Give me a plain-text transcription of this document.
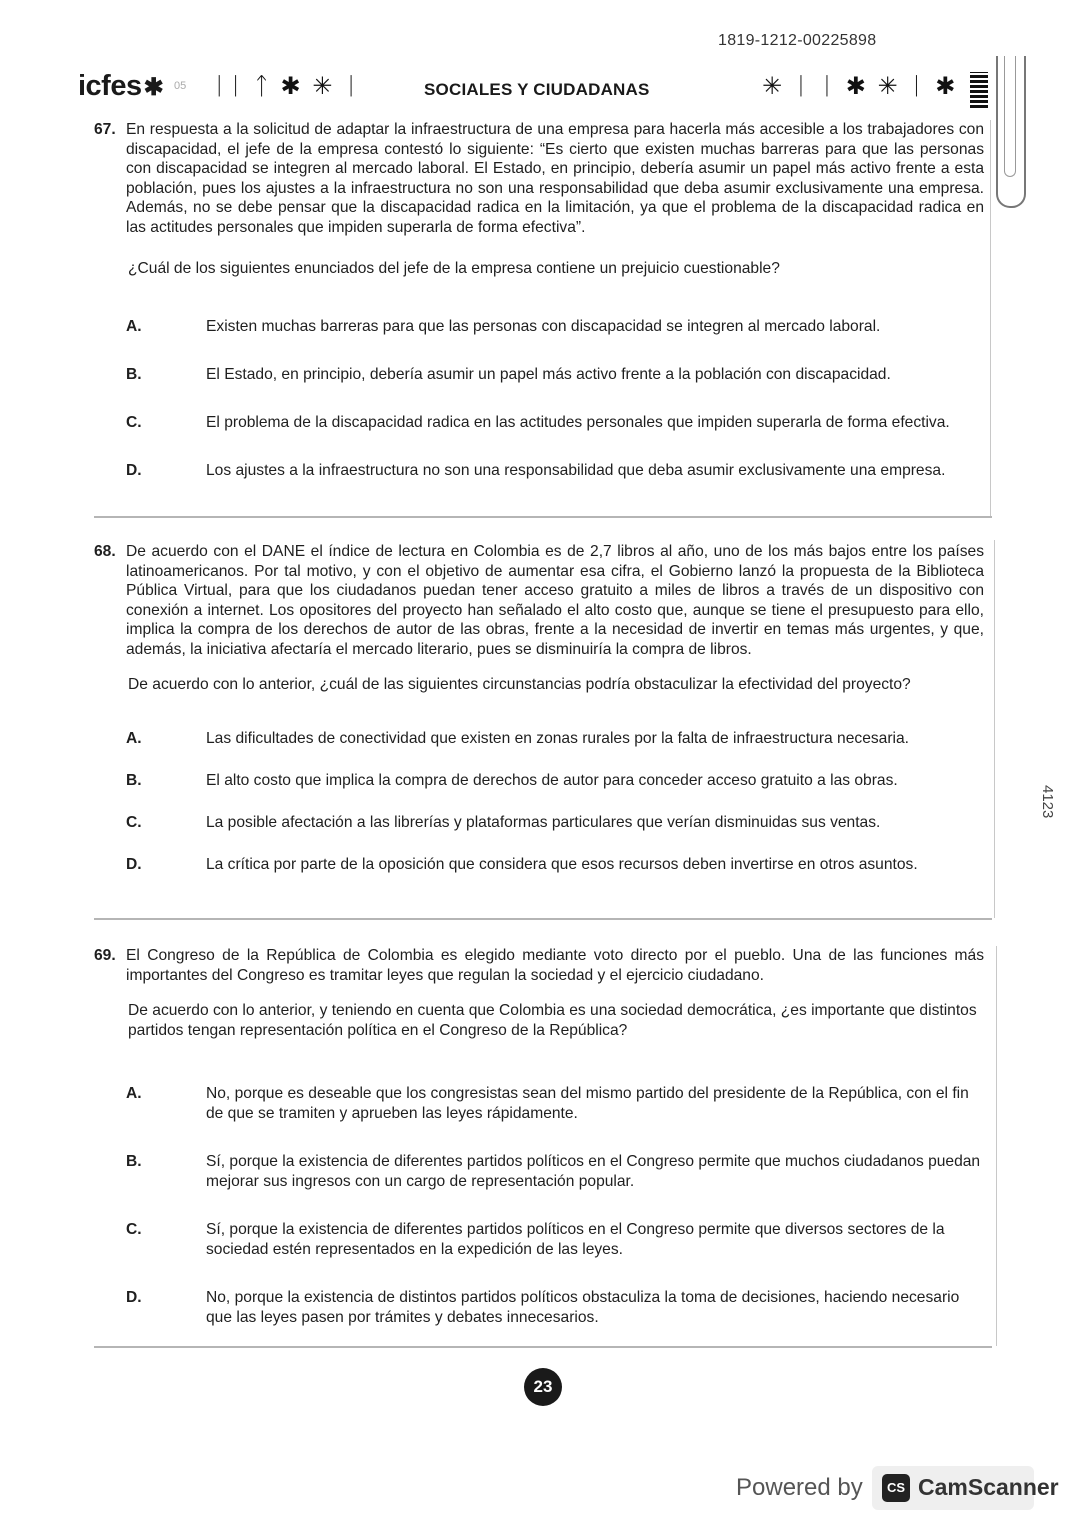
1819-1212-00225898
icfes✱ 05 ᛁᛁ ᛏ ✱ ✳ ᛁ	SOCIALES Y CIUDADANAS	✳ ᛁ ᛁ ✱ ✳ ᛁ ✱
67. En respuesta a la solicitud de adaptar la infraestructura de una empresa para hacerla más accesible a los trabajadores con discapacidad, el jefe de la empresa contestó lo siguiente: “Es cierto que existen muchas barreras para que las personas con discapacidad se integren al mercado laboral. El Estado, en principio, debería asumir un papel más activo frente a esta población, pues los ajustes a la infraestructura no son una responsabilidad que deba asumir exclusivamente una empresa. Además, no se debe pensar que la discapacidad radica en la limitación, ya que el problema de la discapacidad radica en las actitudes personales que impiden superarla de forma efectiva”.
¿Cuál de los siguientes enunciados del jefe de la empresa contiene un prejuicio cuestionable?
A.	Existen muchas barreras para que las personas con discapacidad se integren al mercado laboral.
B.	El Estado, en principio, debería asumir un papel más activo frente a la población con discapacidad.
C.	El problema de la discapacidad radica en las actitudes personales que impiden superarla de forma efectiva.
D.	Los ajustes a la infraestructura no son una responsabilidad que deba asumir exclusivamente una empresa.
68. De acuerdo con el DANE el índice de lectura en Colombia es de 2,7 libros al año, uno de los más bajos entre los países latinoamericanos. Por tal motivo, y con el objetivo de aumentar esa cifra, el Gobierno lanzó la propuesta de la Biblioteca Pública Virtual, para que los ciudadanos puedan tener acceso gratuito a miles de libros a través de un dispositivo con conexión a internet. Los opositores del proyecto han señalado el alto costo que, aunque se tiene el presupuesto para ello, implica la compra de los derechos de autor de las obras, frente a la necesidad de invertir en temas más urgentes, y que, además, la iniciativa afectaría el mercado literario, pues se disminuiría la compra de libros.
De acuerdo con lo anterior, ¿cuál de las siguientes circunstancias podría obstaculizar la efectividad del proyecto?
A.	Las dificultades de conectividad que existen en zonas rurales por la falta de infraestructura necesaria.
B.	El alto costo que implica la compra de derechos de autor para conceder acceso gratuito a las obras.
C.	La posible afectación a las librerías y plataformas particulares que verían disminuidas sus ventas.
D.	La crítica por parte de la oposición que considera que esos recursos deben invertirse en otros asuntos.
69. El Congreso de la República de Colombia es elegido mediante voto directo por el pueblo. Una de las funciones más importantes del Congreso es tramitar leyes que regulan la sociedad y el ejercicio ciudadano.
De acuerdo con lo anterior, y teniendo en cuenta que Colombia es una sociedad democrática, ¿es importante que distintos partidos tengan representación política en el Congreso de la República?
A.	No, porque es deseable que los congresistas sean del mismo partido del presidente de la República, con el fin de que se tramiten y aprueben las leyes rápidamente.
B.	Sí, porque la existencia de diferentes partidos políticos en el Congreso permite que muchos ciudadanos puedan mejorar sus ingresos con un cargo de representación popular.
C.	Sí, porque la existencia de diferentes partidos políticos en el Congreso permite que diversos sectores de la sociedad estén representados en la expedición de las leyes.
D.	No, porque la existencia de distintos partidos políticos obstaculiza la toma de decisiones, haciendo necesario que las leyes pasen por trámites y debates innecesarios.
23
4123
Powered by	CS CamScanner
